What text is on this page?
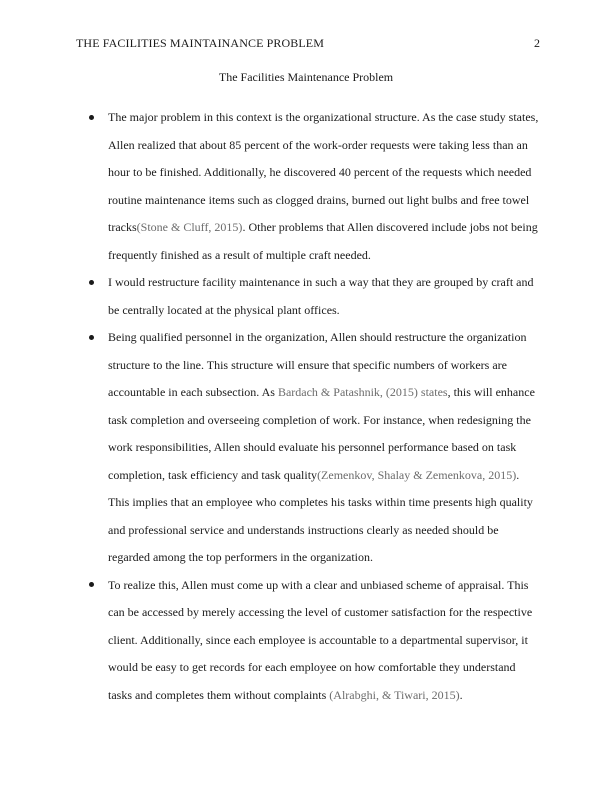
THE FACILITIES MAINTAINANCE PROBLEM	2
The Facilities Maintenance Problem
The major problem in this context is the organizational structure. As the case study states, Allen realized that about 85 percent of the work-order requests were taking less than an hour to be finished. Additionally, he discovered 40 percent of the requests which needed routine maintenance items such as clogged drains, burned out light bulbs and free towel tracks(Stone & Cluff, 2015). Other problems that Allen discovered include jobs not being frequently finished as a result of multiple craft needed.
I would restructure facility maintenance in such a way that they are grouped by craft and be centrally located at the physical plant offices.
Being qualified personnel in the organization, Allen should restructure the organization structure to the line. This structure will ensure that specific numbers of workers are accountable in each subsection. As Bardach & Patashnik, (2015) states, this will enhance task completion and overseeing completion of work. For instance, when redesigning the work responsibilities, Allen should evaluate his personnel performance based on task completion, task efficiency and task quality(Zemenkov, Shalay & Zemenkova, 2015). This implies that an employee who completes his tasks within time presents high quality and professional service and understands instructions clearly as needed should be regarded among the top performers in the organization.
To realize this, Allen must come up with a clear and unbiased scheme of appraisal. This can be accessed by merely accessing the level of customer satisfaction for the respective client. Additionally, since each employee is accountable to a departmental supervisor, it would be easy to get records for each employee on how comfortable they understand tasks and completes them without complaints (Alrabghi, & Tiwari, 2015).
